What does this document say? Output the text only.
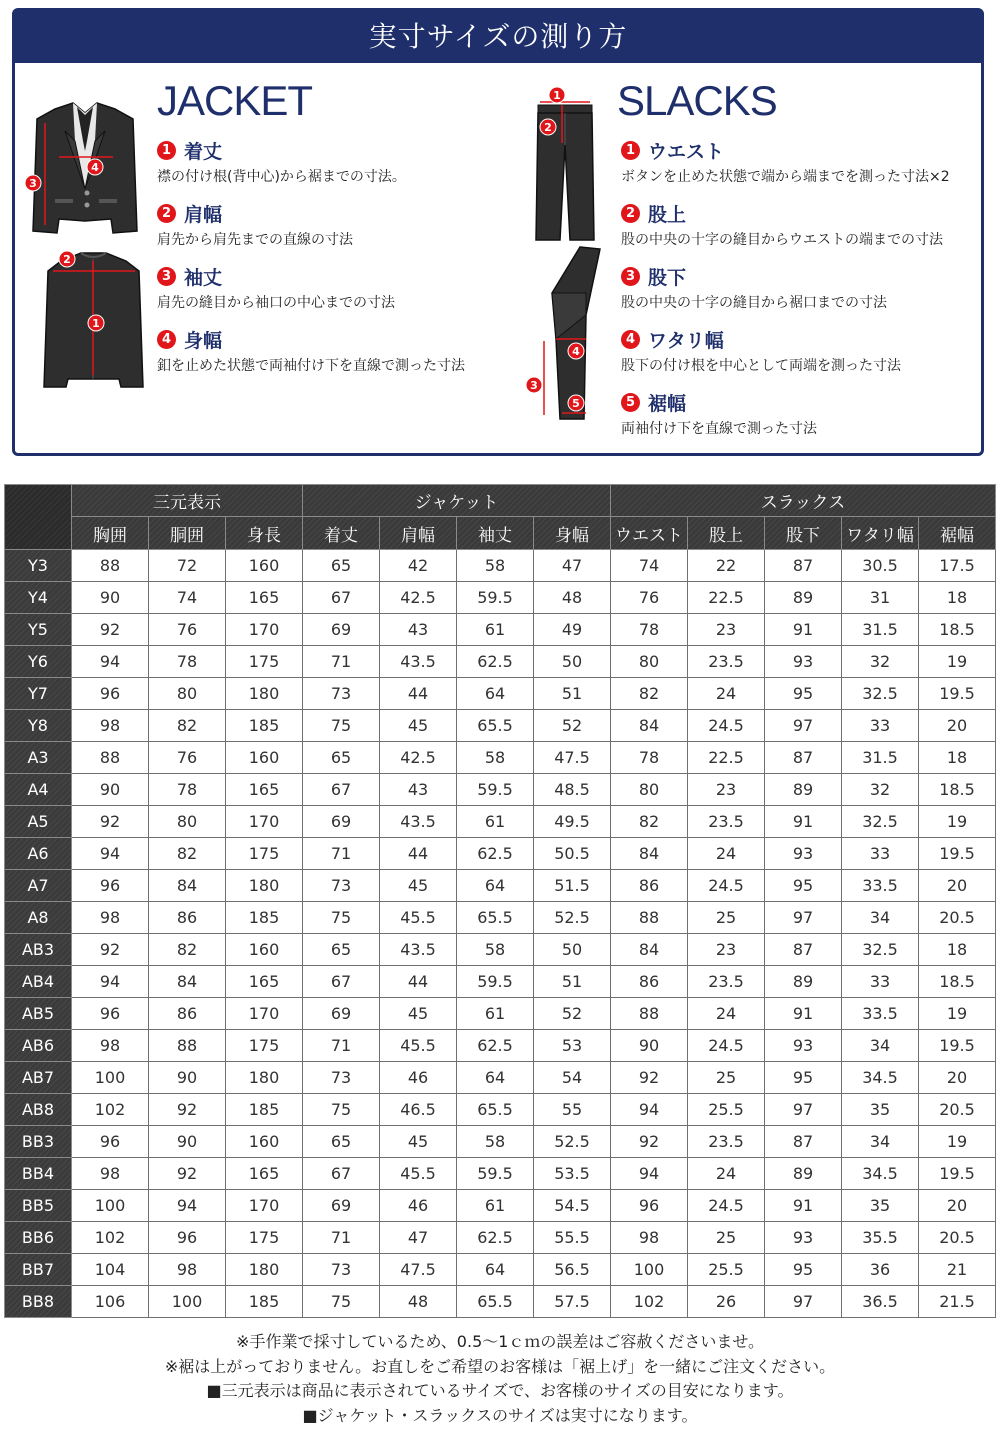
実寸サイズの測り方
3
4
2
1
JACKET
1 着丈
襟の付け根(背中心)から裾までの寸法。
2 肩幅
肩先から肩先までの直線の寸法
3 袖丈
肩先の縫目から袖口の中心までの寸法
4 身幅
釦を止めた状態で両袖付け下を直線で測った寸法
1
2
4
3
5
SLACKS
1 ウエスト
ボタンを止めた状態で端から端までを測った寸法×2
2 股上
股の中央の十字の縫目からウエストの端までの寸法
3 股下
股の中央の十字の縫目から裾口までの寸法
4 ワタリ幅
股下の付け根を中心として両端を測った寸法
5 裾幅
両袖付け下を直線で測った寸法
	三元表示			ジャケット				スラックス				
	胸囲	胴囲	身長	着丈	肩幅	袖丈	身幅	ウエスト	股上	股下	ワタリ幅	裾幅
Y3	88	72	160	65	42	58	47	74	22	87	30.5	17.5
Y4	90	74	165	67	42.5	59.5	48	76	22.5	89	31	18
Y5	92	76	170	69	43	61	49	78	23	91	31.5	18.5
Y6	94	78	175	71	43.5	62.5	50	80	23.5	93	32	19
Y7	96	80	180	73	44	64	51	82	24	95	32.5	19.5
Y8	98	82	185	75	45	65.5	52	84	24.5	97	33	20
A3	88	76	160	65	42.5	58	47.5	78	22.5	87	31.5	18
A4	90	78	165	67	43	59.5	48.5	80	23	89	32	18.5
A5	92	80	170	69	43.5	61	49.5	82	23.5	91	32.5	19
A6	94	82	175	71	44	62.5	50.5	84	24	93	33	19.5
A7	96	84	180	73	45	64	51.5	86	24.5	95	33.5	20
A8	98	86	185	75	45.5	65.5	52.5	88	25	97	34	20.5
AB3	92	82	160	65	43.5	58	50	84	23	87	32.5	18
AB4	94	84	165	67	44	59.5	51	86	23.5	89	33	18.5
AB5	96	86	170	69	45	61	52	88	24	91	33.5	19
AB6	98	88	175	71	45.5	62.5	53	90	24.5	93	34	19.5
AB7	100	90	180	73	46	64	54	92	25	95	34.5	20
AB8	102	92	185	75	46.5	65.5	55	94	25.5	97	35	20.5
BB3	96	90	160	65	45	58	52.5	92	23.5	87	34	19
BB4	98	92	165	67	45.5	59.5	53.5	94	24	89	34.5	19.5
BB5	100	94	170	69	46	61	54.5	96	24.5	91	35	20
BB6	102	96	175	71	47	62.5	55.5	98	25	93	35.5	20.5
BB7	104	98	180	73	47.5	64	56.5	100	25.5	95	36	21
BB8	106	100	185	75	48	65.5	57.5	102	26	97	36.5	21.5
※手作業で採寸しているため、0.5～1ｃｍの誤差はご容赦くださいませ。
※裾は上がっておりません。お直しをご希望のお客様は「裾上げ」を一緒にご注文ください。
■三元表示は商品に表示されているサイズで、お客様のサイズの目安になります。
■ジャケット・スラックスのサイズは実寸になります。
